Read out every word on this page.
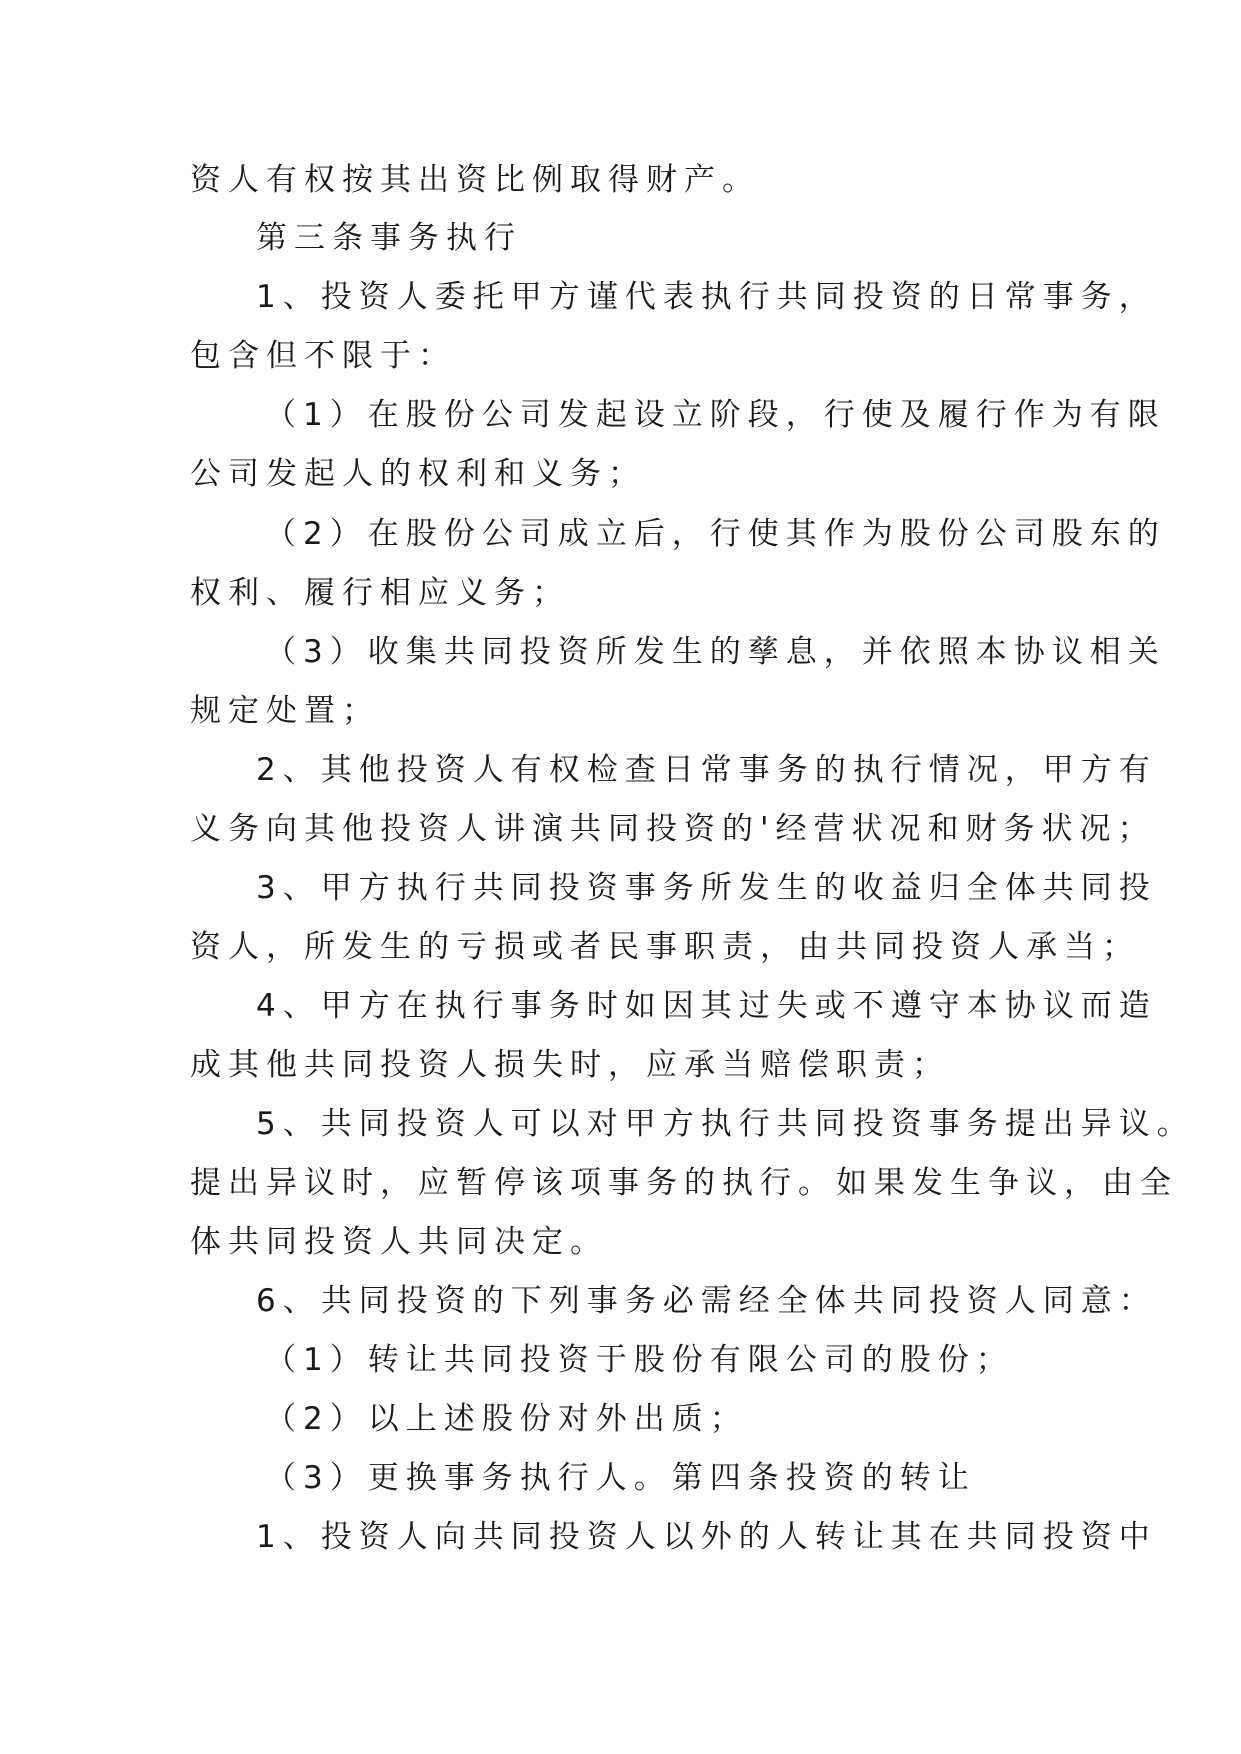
资人有权按其出资比例取得财产。
第三条事务执行
1、投资人委托甲方谨代表执行共同投资的日常事务，
包含但不限于：
（1）在股份公司发起设立阶段，行使及履行作为有限
公司发起人的权利和义务；
（2）在股份公司成立后，行使其作为股份公司股东的
权利、履行相应义务；
（3）收集共同投资所发生的孳息，并依照本协议相关
规定处置；
2、其他投资人有权检查日常事务的执行情况，甲方有
义务向其他投资人讲演共同投资的'经营状况和财务状况；
3、甲方执行共同投资事务所发生的收益归全体共同投
资人，所发生的亏损或者民事职责，由共同投资人承当；
4、甲方在执行事务时如因其过失或不遵守本协议而造
成其他共同投资人损失时，应承当赔偿职责；
5、共同投资人可以对甲方执行共同投资事务提出异议。
提出异议时，应暂停该项事务的执行。如果发生争议，由全
体共同投资人共同决定。
6、共同投资的下列事务必需经全体共同投资人同意：
（1）转让共同投资于股份有限公司的股份；
（2）以上述股份对外出质；
（3）更换事务执行人。第四条投资的转让
1、投资人向共同投资人以外的人转让其在共同投资中
